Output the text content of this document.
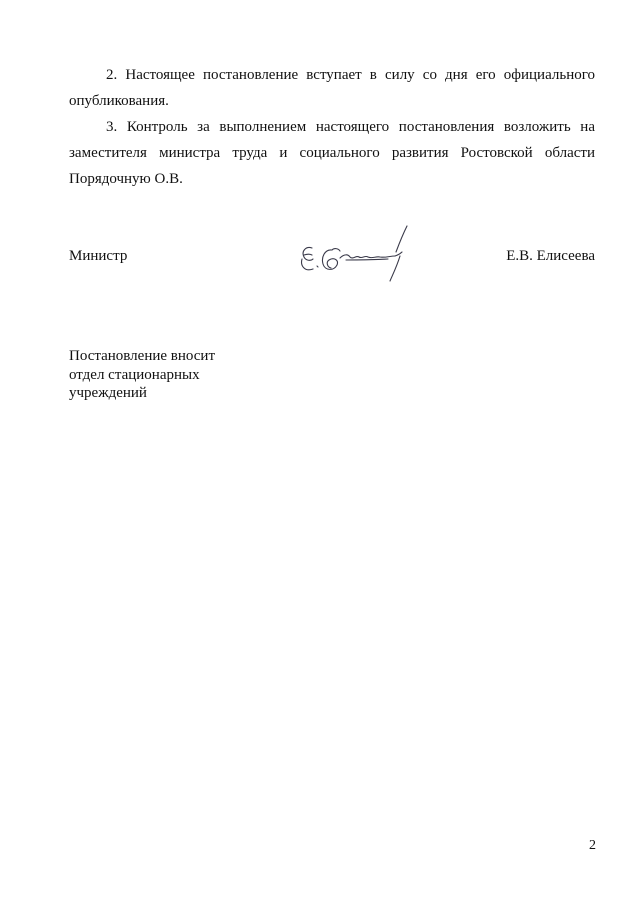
2. Настоящее постановление вступает в силу со дня его официального
опубликования.

3. Контроль за выполнением настоящего постановления возложить на
заместителя министра труда и социального развития Ростовской области
Порядочную О.В.

Министр	Е.В. Елисеева
Постановление вносит
отдел стационарных
учреждений
2
